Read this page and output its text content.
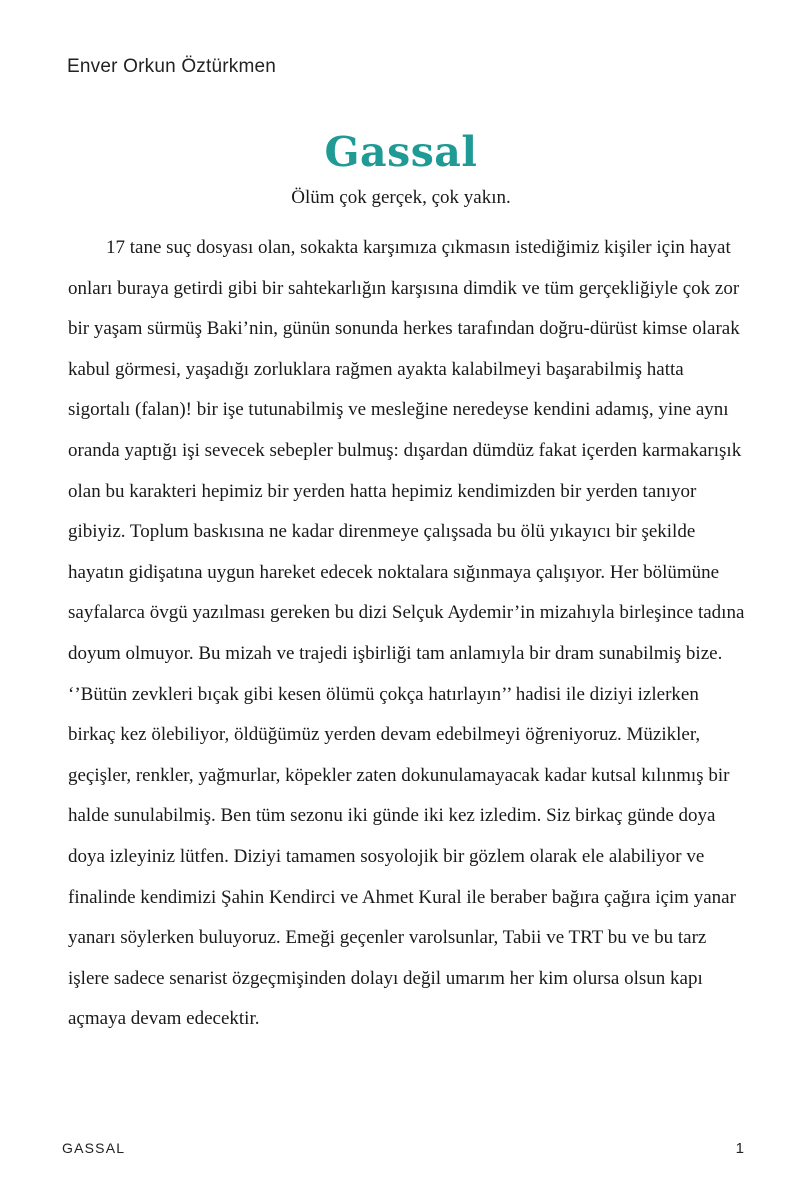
Enver Orkun Öztürkmen
Gassal
Ölüm çok gerçek, çok yakın.

17 tane suç dosyası olan, sokakta karşımıza çıkmasın istediğimiz kişiler için hayat onları buraya getirdi gibi bir sahtekarlığın karşısına dimdik ve tüm gerçekliğiyle çok zor bir yaşam sürmüş Baki’nin, günün sonunda herkes tarafından doğru-dürüst kimse olarak kabul görmesi, yaşadığı zorluklara rağmen ayakta kalabilmeyi başarabilmiş hatta sigortalı (falan)! bir işe tutunabilmiş ve mesleğine neredeyse kendini adamış, yine aynı oranda yaptığı işi sevecek sebepler bulmuş: dışardan dümdüz fakat içerden karmakarışık olan bu karakteri hepimiz bir yerden hatta hepimiz kendimizden bir yerden tanıyor gibiyiz. Toplum baskısına ne kadar direnmeye çalışsada bu ölü yıkayıcı bir şekilde hayatın gidişatına uygun hareket edecek noktalara sığınmaya çalışıyor. Her bölümüne sayfalarca övgü yazılması gereken bu dizi Selçuk Aydemir’in mizahıyla birleşince tadına doyum olmuyor. Bu mizah ve trajedi işbirliği tam anlamıyla bir dram sunabilmiş bize. ‘’Bütün zevkleri bıçak gibi kesen ölümü çokça hatırlayın’’ hadisi ile diziyi izlerken birkaç kez ölebiliyor, öldüğümüz yerden devam edebilmeyi öğreniyoruz. Müzikler, geçişler, renkler, yağmurlar, köpekler zaten dokunulamayacak kadar kutsal kılınmış bir halde sunulabilmiş. Ben tüm sezonu iki günde iki kez izledim. Siz birkaç günde doya doya izleyiniz lütfen. Diziyi tamamen sosyolojik bir gözlem olarak ele alabiliyor ve finalinde kendimizi Şahin Kendirci ve Ahmet Kural ile beraber bağıra çağıra içim yanar yanarı söylerken buluyoruz. Emeği geçenler varolsunlar, Tabii ve TRT bu ve bu tarz işlere sadece senarist özgeçmişinden dolayı değil umarım her kim olursa olsun kapı açmaya devam edecektir.

GASSAL	1
